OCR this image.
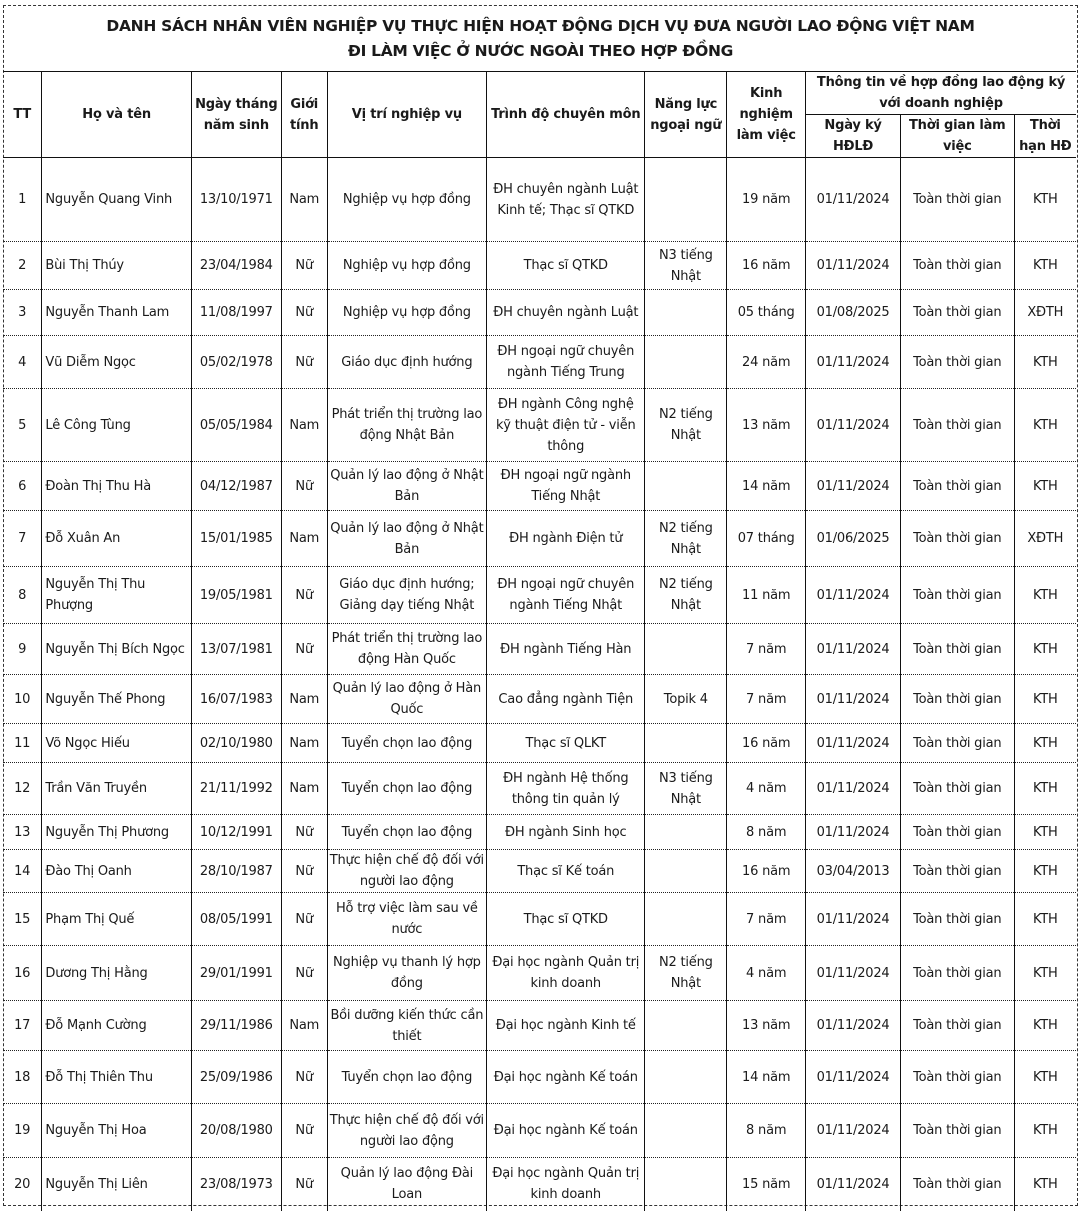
DANH SÁCH NHÂN VIÊN NGHIỆP VỤ THỰC HIỆN HOẠT ĐỘNG DỊCH VỤ ĐƯA NGƯỜI LAO ĐỘNG VIỆT NAM
ĐI LÀM VIỆC Ở NƯỚC NGOÀI THEO HỢP ĐỒNG
TT	Họ và tên	Ngày tháng năm sinh	Giới tính	Vị trí nghiệp vụ	Trình độ chuyên môn	Năng lực ngoại ngữ	Kinh nghiệm làm việc	Thông tin về hợp đồng lao động ký với doanh nghiệp		
								Ngày ký HĐLĐ	Thời gian làm việc	Thời hạn HĐ
1	Nguyễn Quang Vinh	13/10/1971	Nam	Nghiệp vụ hợp đồng	ĐH chuyên ngành Luật Kinh tế; Thạc sĩ QTKD		19 năm	01/11/2024	Toàn thời gian	KTH
2	Bùi Thị Thúy	23/04/1984	Nữ	Nghiệp vụ hợp đồng	Thạc sĩ QTKD	N3 tiếng Nhật	16 năm	01/11/2024	Toàn thời gian	KTH
3	Nguyễn Thanh Lam	11/08/1997	Nữ	Nghiệp vụ hợp đồng	ĐH chuyên ngành Luật		05 tháng	01/08/2025	Toàn thời gian	XĐTH
4	Vũ Diễm Ngọc	05/02/1978	Nữ	Giáo dục định hướng	ĐH ngoại ngữ chuyên ngành Tiếng Trung		24 năm	01/11/2024	Toàn thời gian	KTH
5	Lê Công Tùng	05/05/1984	Nam	Phát triển thị trường lao động Nhật Bản	ĐH ngành Công nghệ kỹ thuật điện tử - viễn thông	N2 tiếng Nhật	13 năm	01/11/2024	Toàn thời gian	KTH
6	Đoàn Thị Thu Hà	04/12/1987	Nữ	Quản lý lao động ở Nhật Bản	ĐH ngoại ngữ ngành Tiếng Nhật		14 năm	01/11/2024	Toàn thời gian	KTH
7	Đỗ Xuân An	15/01/1985	Nam	Quản lý lao động ở Nhật Bản	ĐH ngành Điện tử	N2 tiếng Nhật	07 tháng	01/06/2025	Toàn thời gian	XĐTH
8	Nguyễn Thị Thu Phượng	19/05/1981	Nữ	Giáo dục định hướng; Giảng dạy tiếng Nhật	ĐH ngoại ngữ chuyên ngành Tiếng Nhật	N2 tiếng Nhật	11 năm	01/11/2024	Toàn thời gian	KTH
9	Nguyễn Thị Bích Ngọc	13/07/1981	Nữ	Phát triển thị trường lao động Hàn Quốc	ĐH ngành Tiếng Hàn		7 năm	01/11/2024	Toàn thời gian	KTH
10	Nguyễn Thế Phong	16/07/1983	Nam	Quản lý lao động ở Hàn Quốc	Cao đẳng ngành Tiện	Topik 4	7 năm	01/11/2024	Toàn thời gian	KTH
11	Võ Ngọc Hiếu	02/10/1980	Nam	Tuyển chọn lao động	Thạc sĩ QLKT		16 năm	01/11/2024	Toàn thời gian	KTH
12	Trần Văn Truyền	21/11/1992	Nam	Tuyển chọn lao động	ĐH ngành Hệ thống thông tin quản lý	N3 tiếng Nhật	4 năm	01/11/2024	Toàn thời gian	KTH
13	Nguyễn Thị Phương	10/12/1991	Nữ	Tuyển chọn lao động	ĐH ngành Sinh học		8 năm	01/11/2024	Toàn thời gian	KTH
14	Đào Thị Oanh	28/10/1987	Nữ	Thực hiện chế độ đối với người lao động	Thạc sĩ Kế toán		16 năm	03/04/2013	Toàn thời gian	KTH
15	Phạm Thị Quế	08/05/1991	Nữ	Hỗ trợ việc làm sau về nước	Thạc sĩ QTKD		7 năm	01/11/2024	Toàn thời gian	KTH
16	Dương Thị Hằng	29/01/1991	Nữ	Nghiệp vụ thanh lý hợp đồng	Đại học ngành Quản trị kinh doanh	N2 tiếng Nhật	4 năm	01/11/2024	Toàn thời gian	KTH
17	Đỗ Mạnh Cường	29/11/1986	Nam	Bồi dưỡng kiến thức cần thiết	Đại học ngành Kinh tế		13 năm	01/11/2024	Toàn thời gian	KTH
18	Đỗ Thị Thiên Thu	25/09/1986	Nữ	Tuyển chọn lao động	Đại học ngành Kế toán		14 năm	01/11/2024	Toàn thời gian	KTH
19	Nguyễn Thị Hoa	20/08/1980	Nữ	Thực hiện chế độ đối với người lao động	Đại học ngành Kế toán		8 năm	01/11/2024	Toàn thời gian	KTH
20	Nguyễn Thị Liên	23/08/1973	Nữ	Quản lý lao động Đài Loan	Đại học ngành Quản trị kinh doanh		15 năm	01/11/2024	Toàn thời gian	KTH
